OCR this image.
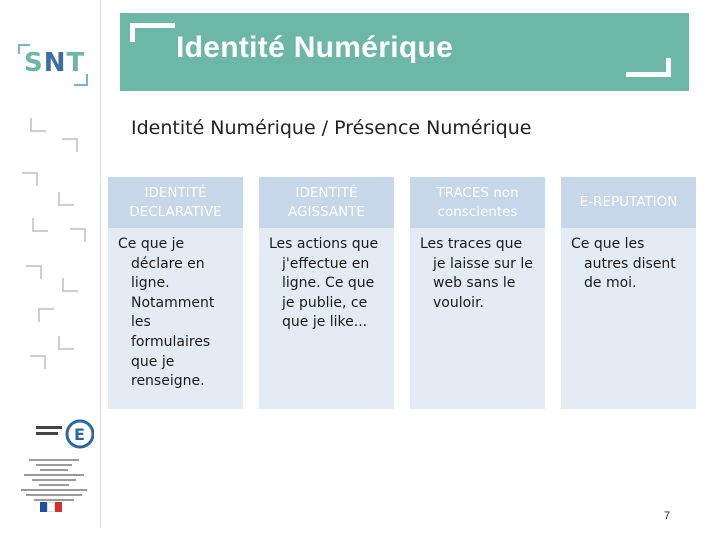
SNT
E
Identité Numérique
Identité Numérique / Présence Numérique
IDENTITÉ DECLARATIVE
Ce que je déclare en ligne. Notamment les formulaires que je renseigne.
IDENTITÉ AGISSANTE
Les actions que j'effectue en ligne. Ce que je publie, ce que je like...
TRACES non conscientes
Les traces que je laisse sur le web sans le vouloir.
E-REPUTATION
Ce que les autres disent de moi.
7
